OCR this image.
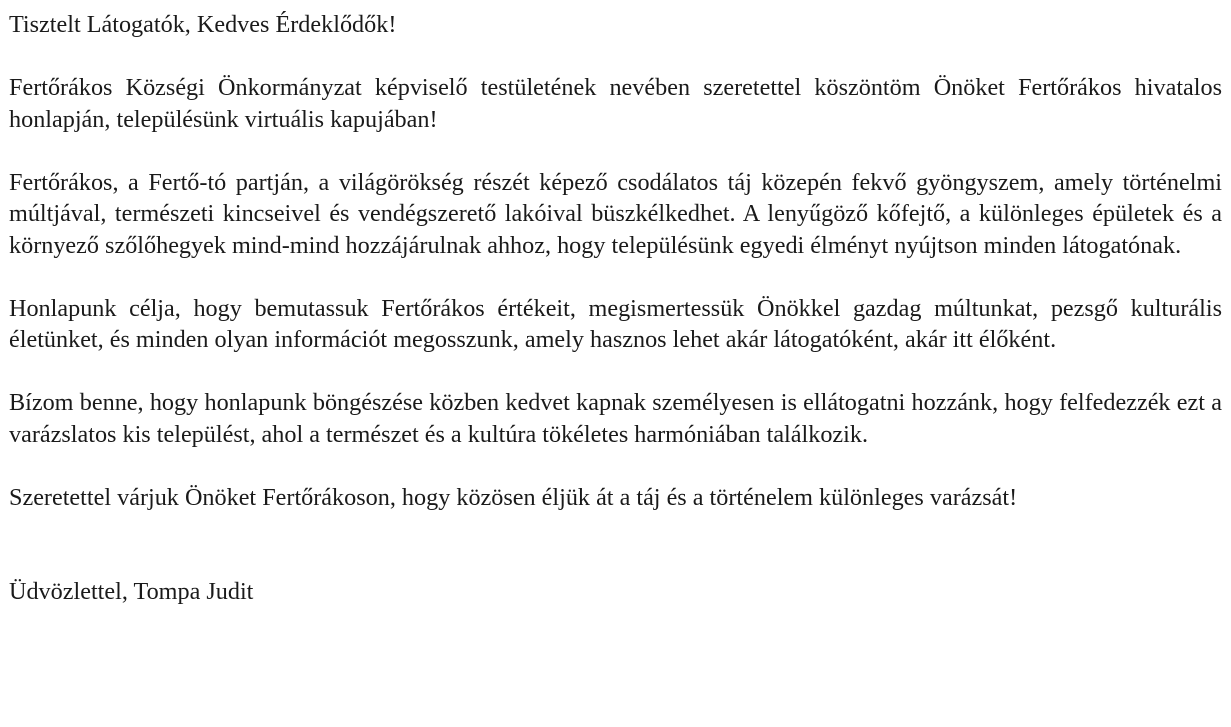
Tisztelt Látogatók, Kedves Érdeklődők!

Fertőrákos Községi Önkormányzat képviselő testületének nevében szeretettel köszöntöm Önöket Fertőrákos hivatalos honlapján, településünk virtuális kapujában!

Fertőrákos, a Fertő-tó partján, a világörökség részét képező csodálatos táj közepén fekvő gyöngyszem, amely történelmi múltjával, természeti kincseivel és vendégszerető lakóival büszkélkedhet. A lenyűgöző kőfejtő, a különleges épületek és a környező szőlőhegyek mind-mind hozzájárulnak ahhoz, hogy településünk egyedi élményt nyújtson minden látogatónak.

Honlapunk célja, hogy bemutassuk Fertőrákos értékeit, megismertessük Önökkel gazdag múltunkat, pezsgő kulturális életünket, és minden olyan információt megosszunk, amely hasznos lehet akár látogatóként, akár itt élőként.

Bízom benne, hogy honlapunk böngészése közben kedvet kapnak személyesen is ellátogatni hozzánk, hogy felfedezzék ezt a varázslatos kis települést, ahol a természet és a kultúra tökéletes harmóniában találkozik.

Szeretettel várjuk Önöket Fertőrákoson, hogy közösen éljük át a táj és a történelem különleges varázsát!

Üdvözlettel, Tompa Judit
